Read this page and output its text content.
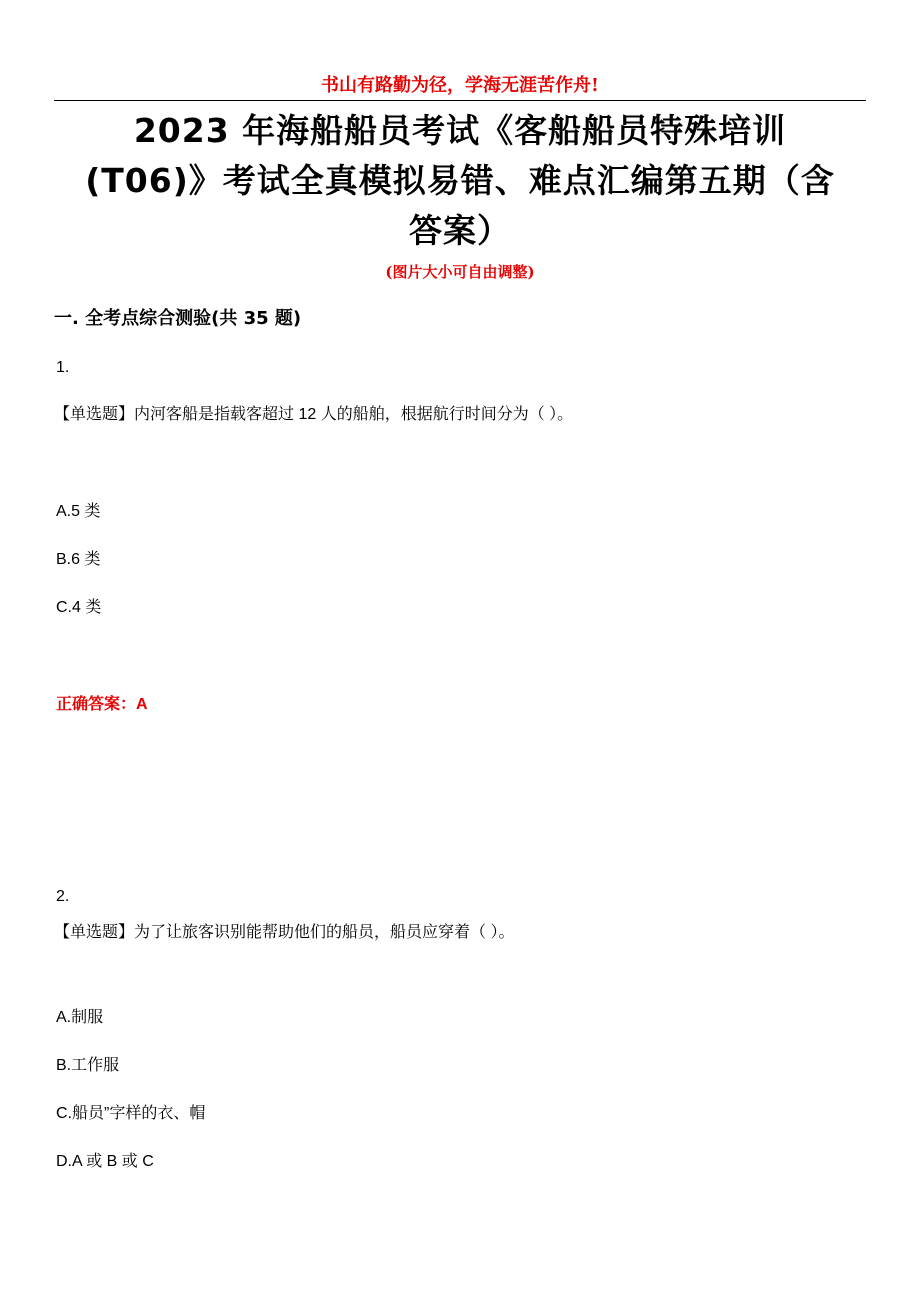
书山有路勤为径，学海无涯苦作舟!
2023 年海船船员考试《客船船员特殊培训
(T06)》考试全真模拟易错、难点汇编第五期（含
答案）
(图片大小可自由调整)
一. 全考点综合测验(共 35 题)
1.
【单选题】内河客船是指载客超过 12 人的船舶，根据航行时间分为（ ）。
A.5 类
B.6 类
C.4 类
正确答案：A
2.
【单选题】为了让旅客识别能帮助他们的船员，船员应穿着（ ）。
A.制服
B.工作服
C.船员”字样的衣、帽
D.A 或 B 或 C
